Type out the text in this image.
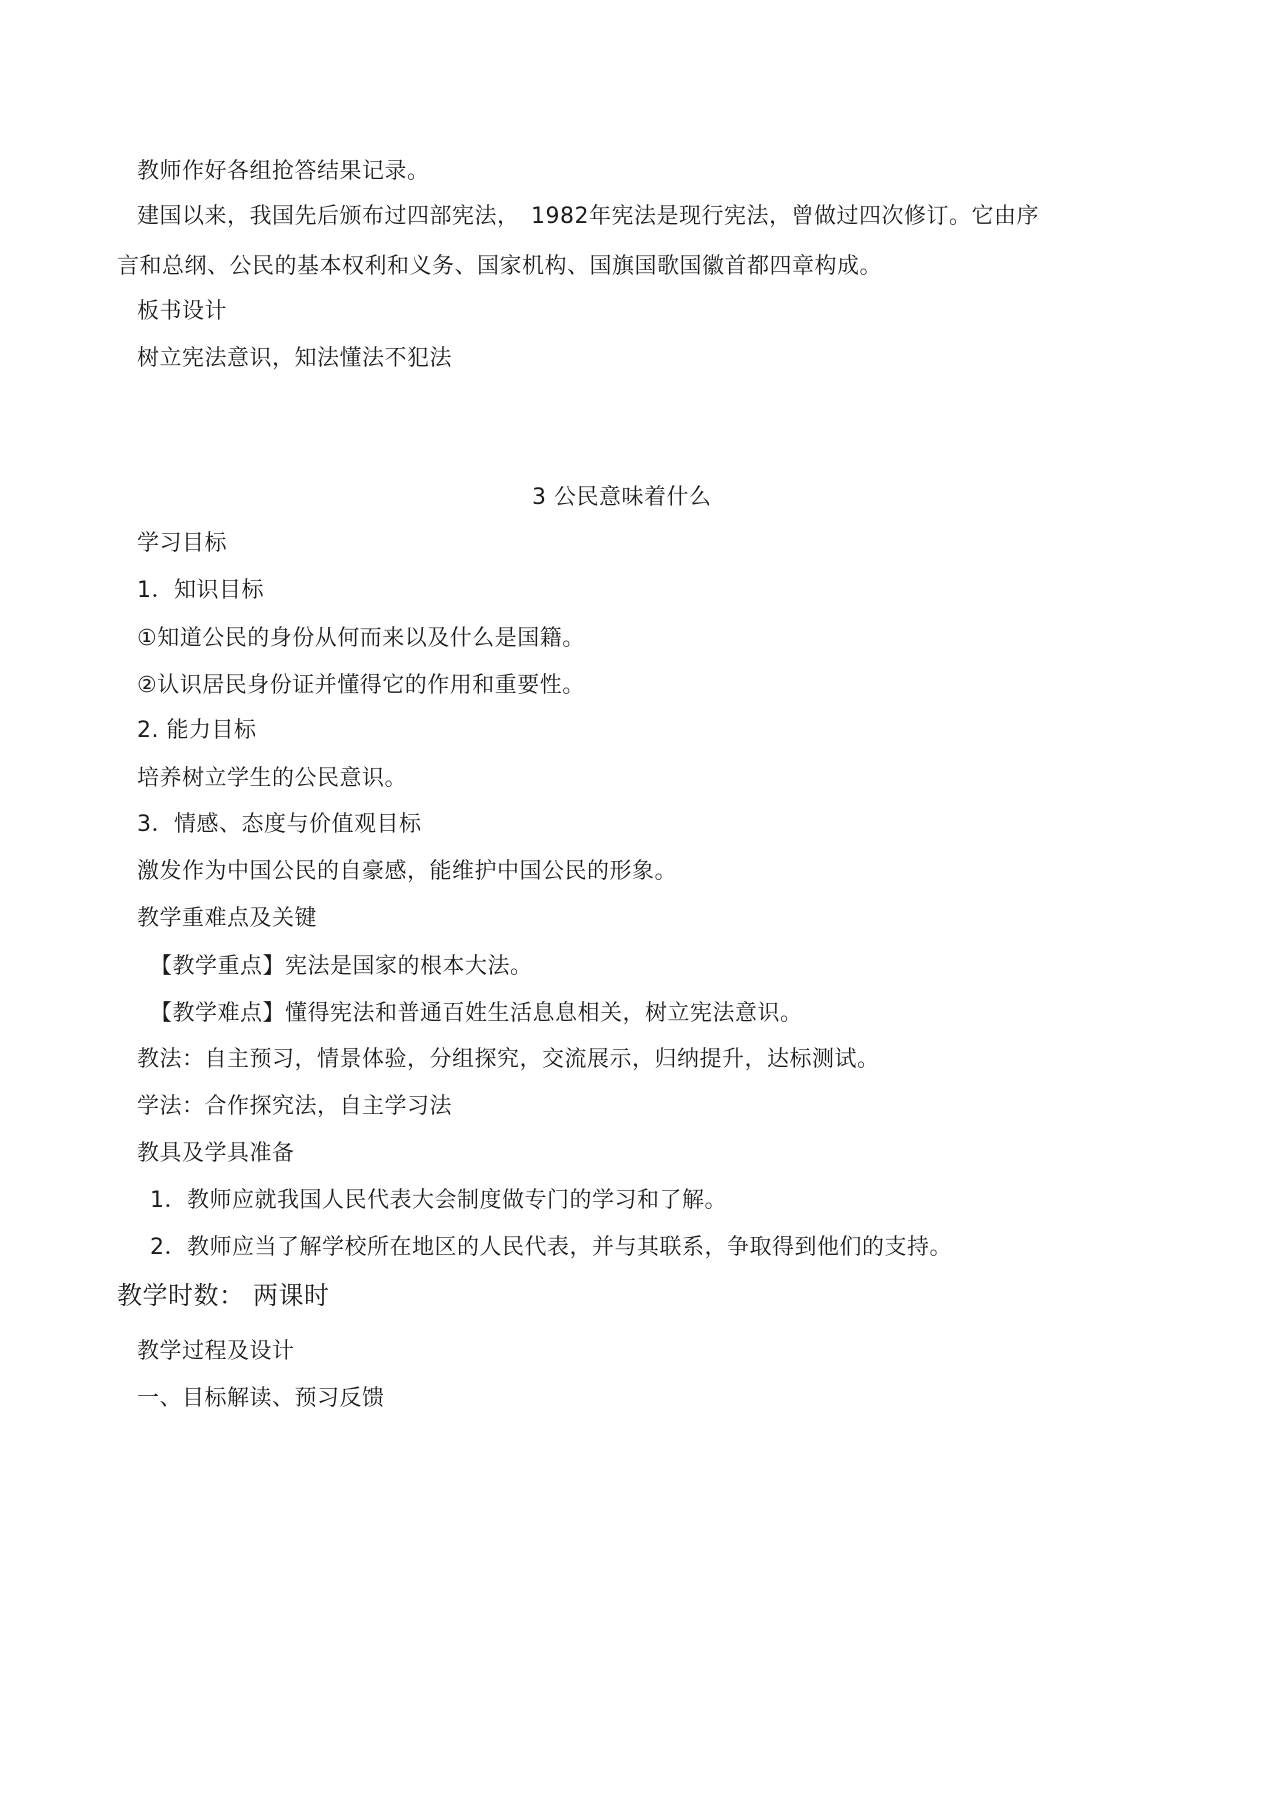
教师作好各组抢答结果记录。
建国以来，我国先后颁布过四部宪法，　1982年宪法是现行宪法，曾做过四次修订。它由序
言和总纲、公民的基本权利和义务、国家机构、国旗国歌国徽首都四章构成。
板书设计
树立宪法意识，知法懂法不犯法
3 公民意味着什么
学习目标
1．知识目标
①知道公民的身份从何而来以及什么是国籍。
②认识居民身份证并懂得它的作用和重要性。
2. 能力目标
培养树立学生的公民意识。
3．情感、态度与价值观目标
激发作为中国公民的自豪感，能维护中国公民的形象。
教学重难点及关键
【教学重点】宪法是国家的根本大法。
【教学难点】懂得宪法和普通百姓生活息息相关，树立宪法意识。
教法：自主预习，情景体验，分组探究，交流展示，归纳提升，达标测试。
学法：合作探究法，自主学习法
教具及学具准备
1．教师应就我国人民代表大会制度做专门的学习和了解。
2．教师应当了解学校所在地区的人民代表，并与其联系，争取得到他们的支持。
教学时数： 两课时
教学过程及设计
一、目标解读、预习反馈
